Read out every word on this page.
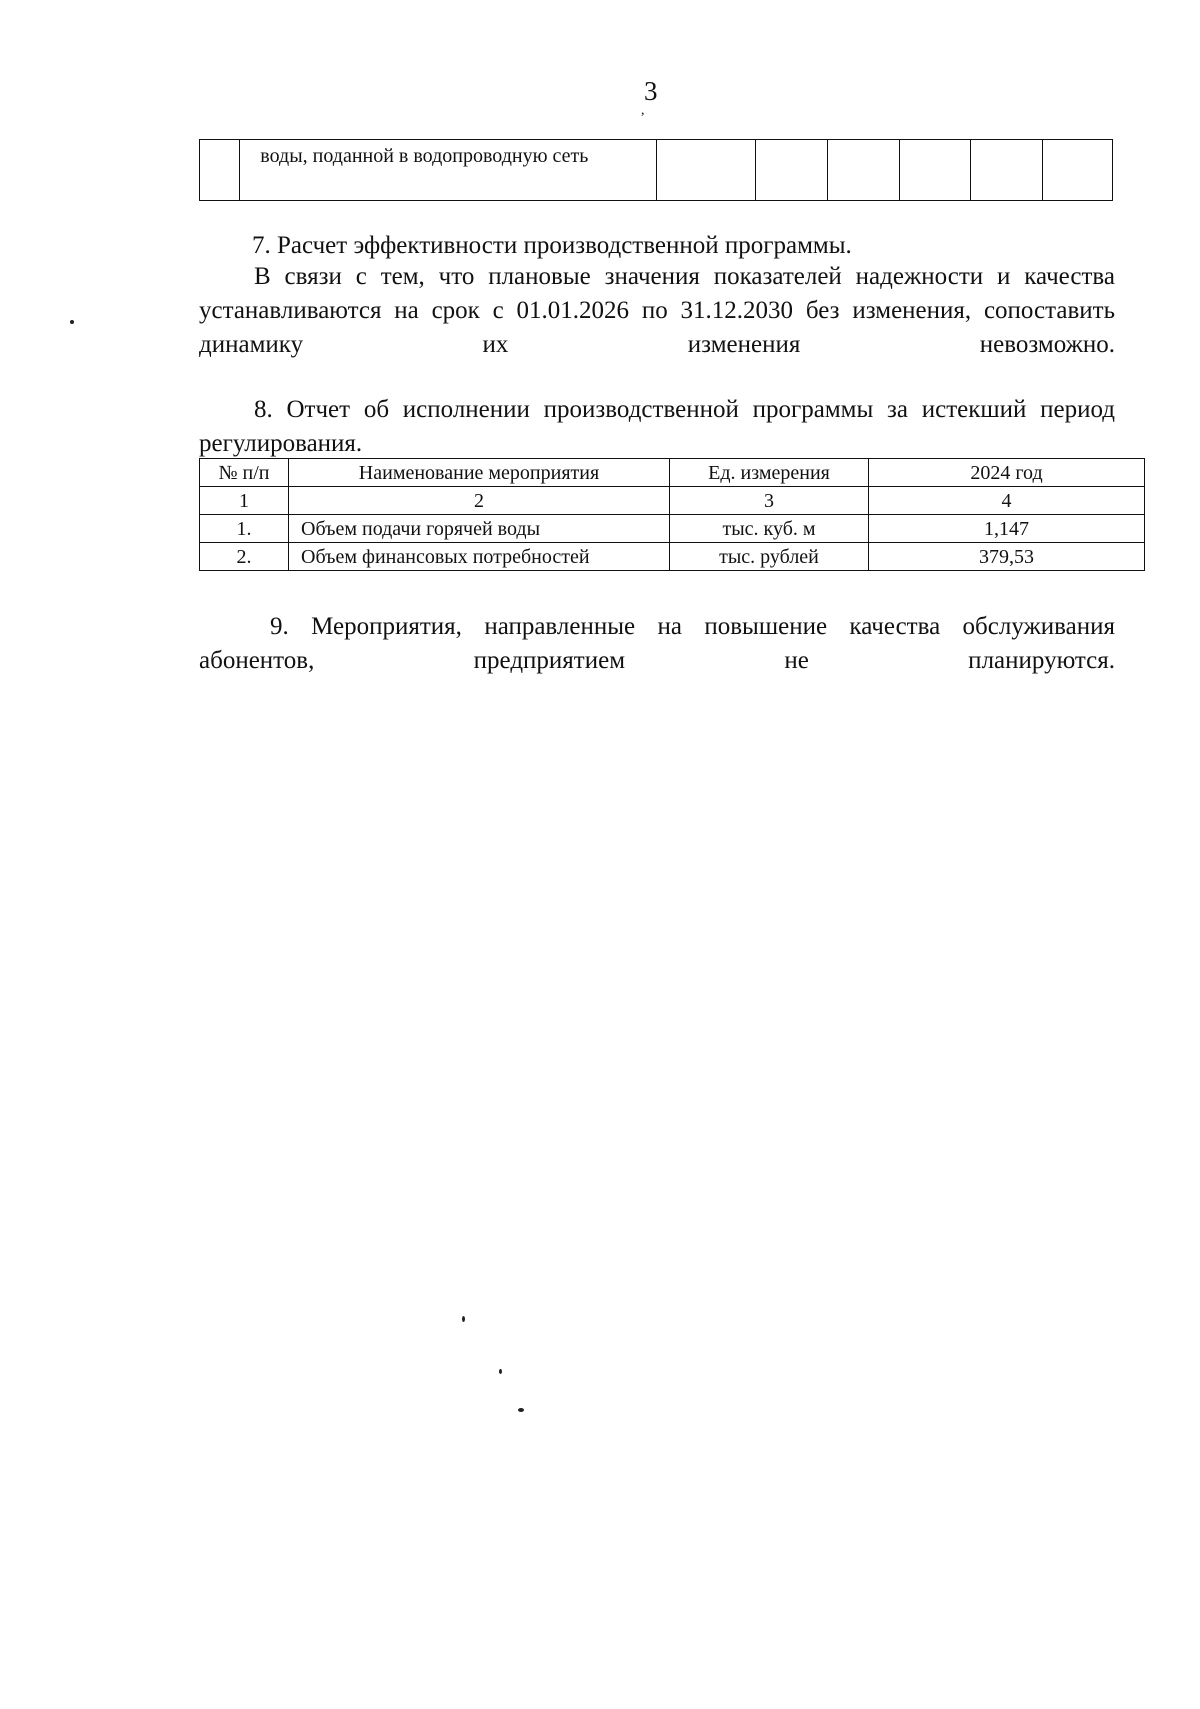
3
,
	воды, поданной в водопроводную сеть						

7. Расчет эффективности производственной программы.

В связи с тем, что плановые значения показателей надежности и качества устанавливаются на срок с 01.01.2026 по 31.12.2030 без изменения, сопоставить динамику их изменения невозможно.

8. Отчет об исполнении производственной программы за истекший период регулирования.

№ п/п	Наименование мероприятия	Ед. измерения	2024 год
1	2	3	4
1.	Объем подачи горячей воды	тыс. куб. м	1,147
2.	Объем финансовых потребностей	тыс. рублей	379,53

9. Мероприятия, направленные на повышение качества обслуживания абонентов, предприятием не планируются.
